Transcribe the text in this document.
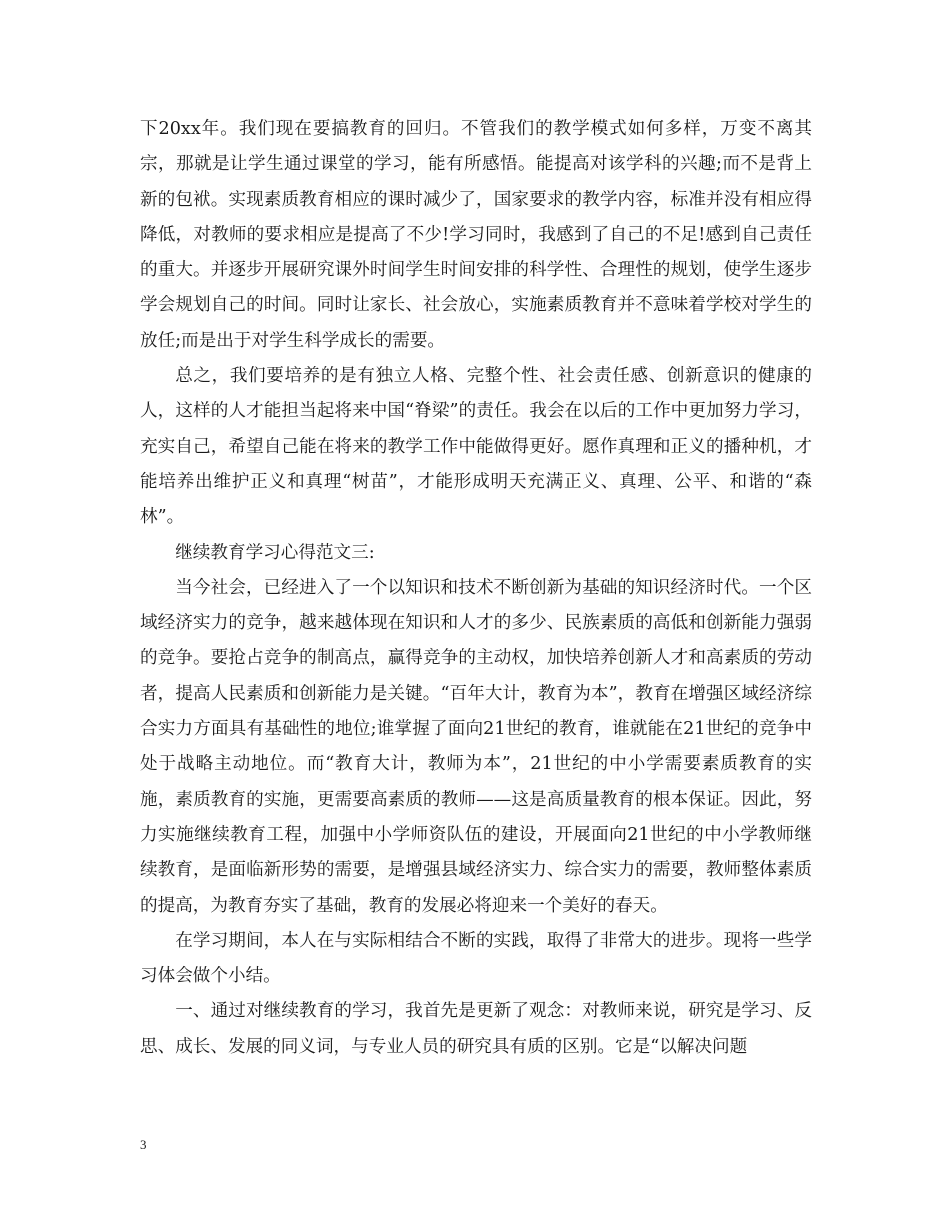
下20xx年。我们现在要搞教育的回归。不管我们的教学模式如何多样，万变不离其宗，那就是让学生通过课堂的学习，能有所感悟。能提高对该学科的兴趣;而不是背上新的包袱。实现素质教育相应的课时减少了，国家要求的教学内容，标准并没有相应得降低，对教师的要求相应是提高了不少!学习同时，我感到了自己的不足!感到自己责任的重大。并逐步开展研究课外时间学生时间安排的科学性、合理性的规划，使学生逐步学会规划自己的时间。同时让家长、社会放心，实施素质教育并不意味着学校对学生的放任;而是出于对学生科学成长的需要。

总之，我们要培养的是有独立人格、完整个性、社会责任感、创新意识的健康的人，这样的人才能担当起将来中国“脊梁”的责任。我会在以后的工作中更加努力学习，充实自己，希望自己能在将来的教学工作中能做得更好。愿作真理和正义的播种机，才能培养出维护正义和真理“树苗”，才能形成明天充满正义、真理、公平、和谐的“森林”。

继续教育学习心得范文三:

当今社会，已经进入了一个以知识和技术不断创新为基础的知识经济时代。一个区域经济实力的竞争，越来越体现在知识和人才的多少、民族素质的高低和创新能力强弱的竞争。要抢占竞争的制高点，赢得竞争的主动权，加快培养创新人才和高素质的劳动者，提高人民素质和创新能力是关键。“百年大计，教育为本”，教育在增强区域经济综合实力方面具有基础性的地位;谁掌握了面向21世纪的教育，谁就能在21世纪的竞争中处于战略主动地位。而“教育大计，教师为本”，21世纪的中小学需要素质教育的实施，素质教育的实施，更需要高素质的教师——这是高质量教育的根本保证。因此，努力实施继续教育工程，加强中小学师资队伍的建设，开展面向21世纪的中小学教师继续教育，是面临新形势的需要，是增强县域经济实力、综合实力的需要，教师整体素质的提高，为教育夯实了基础，教育的发展必将迎来一个美好的春天。

在学习期间，本人在与实际相结合不断的实践，取得了非常大的进步。现将一些学习体会做个小结。

一、通过对继续教育的学习，我首先是更新了观念：对教师来说，研究是学习、反思、成长、发展的同义词，与专业人员的研究具有质的区别。它是“以解决问题

3
